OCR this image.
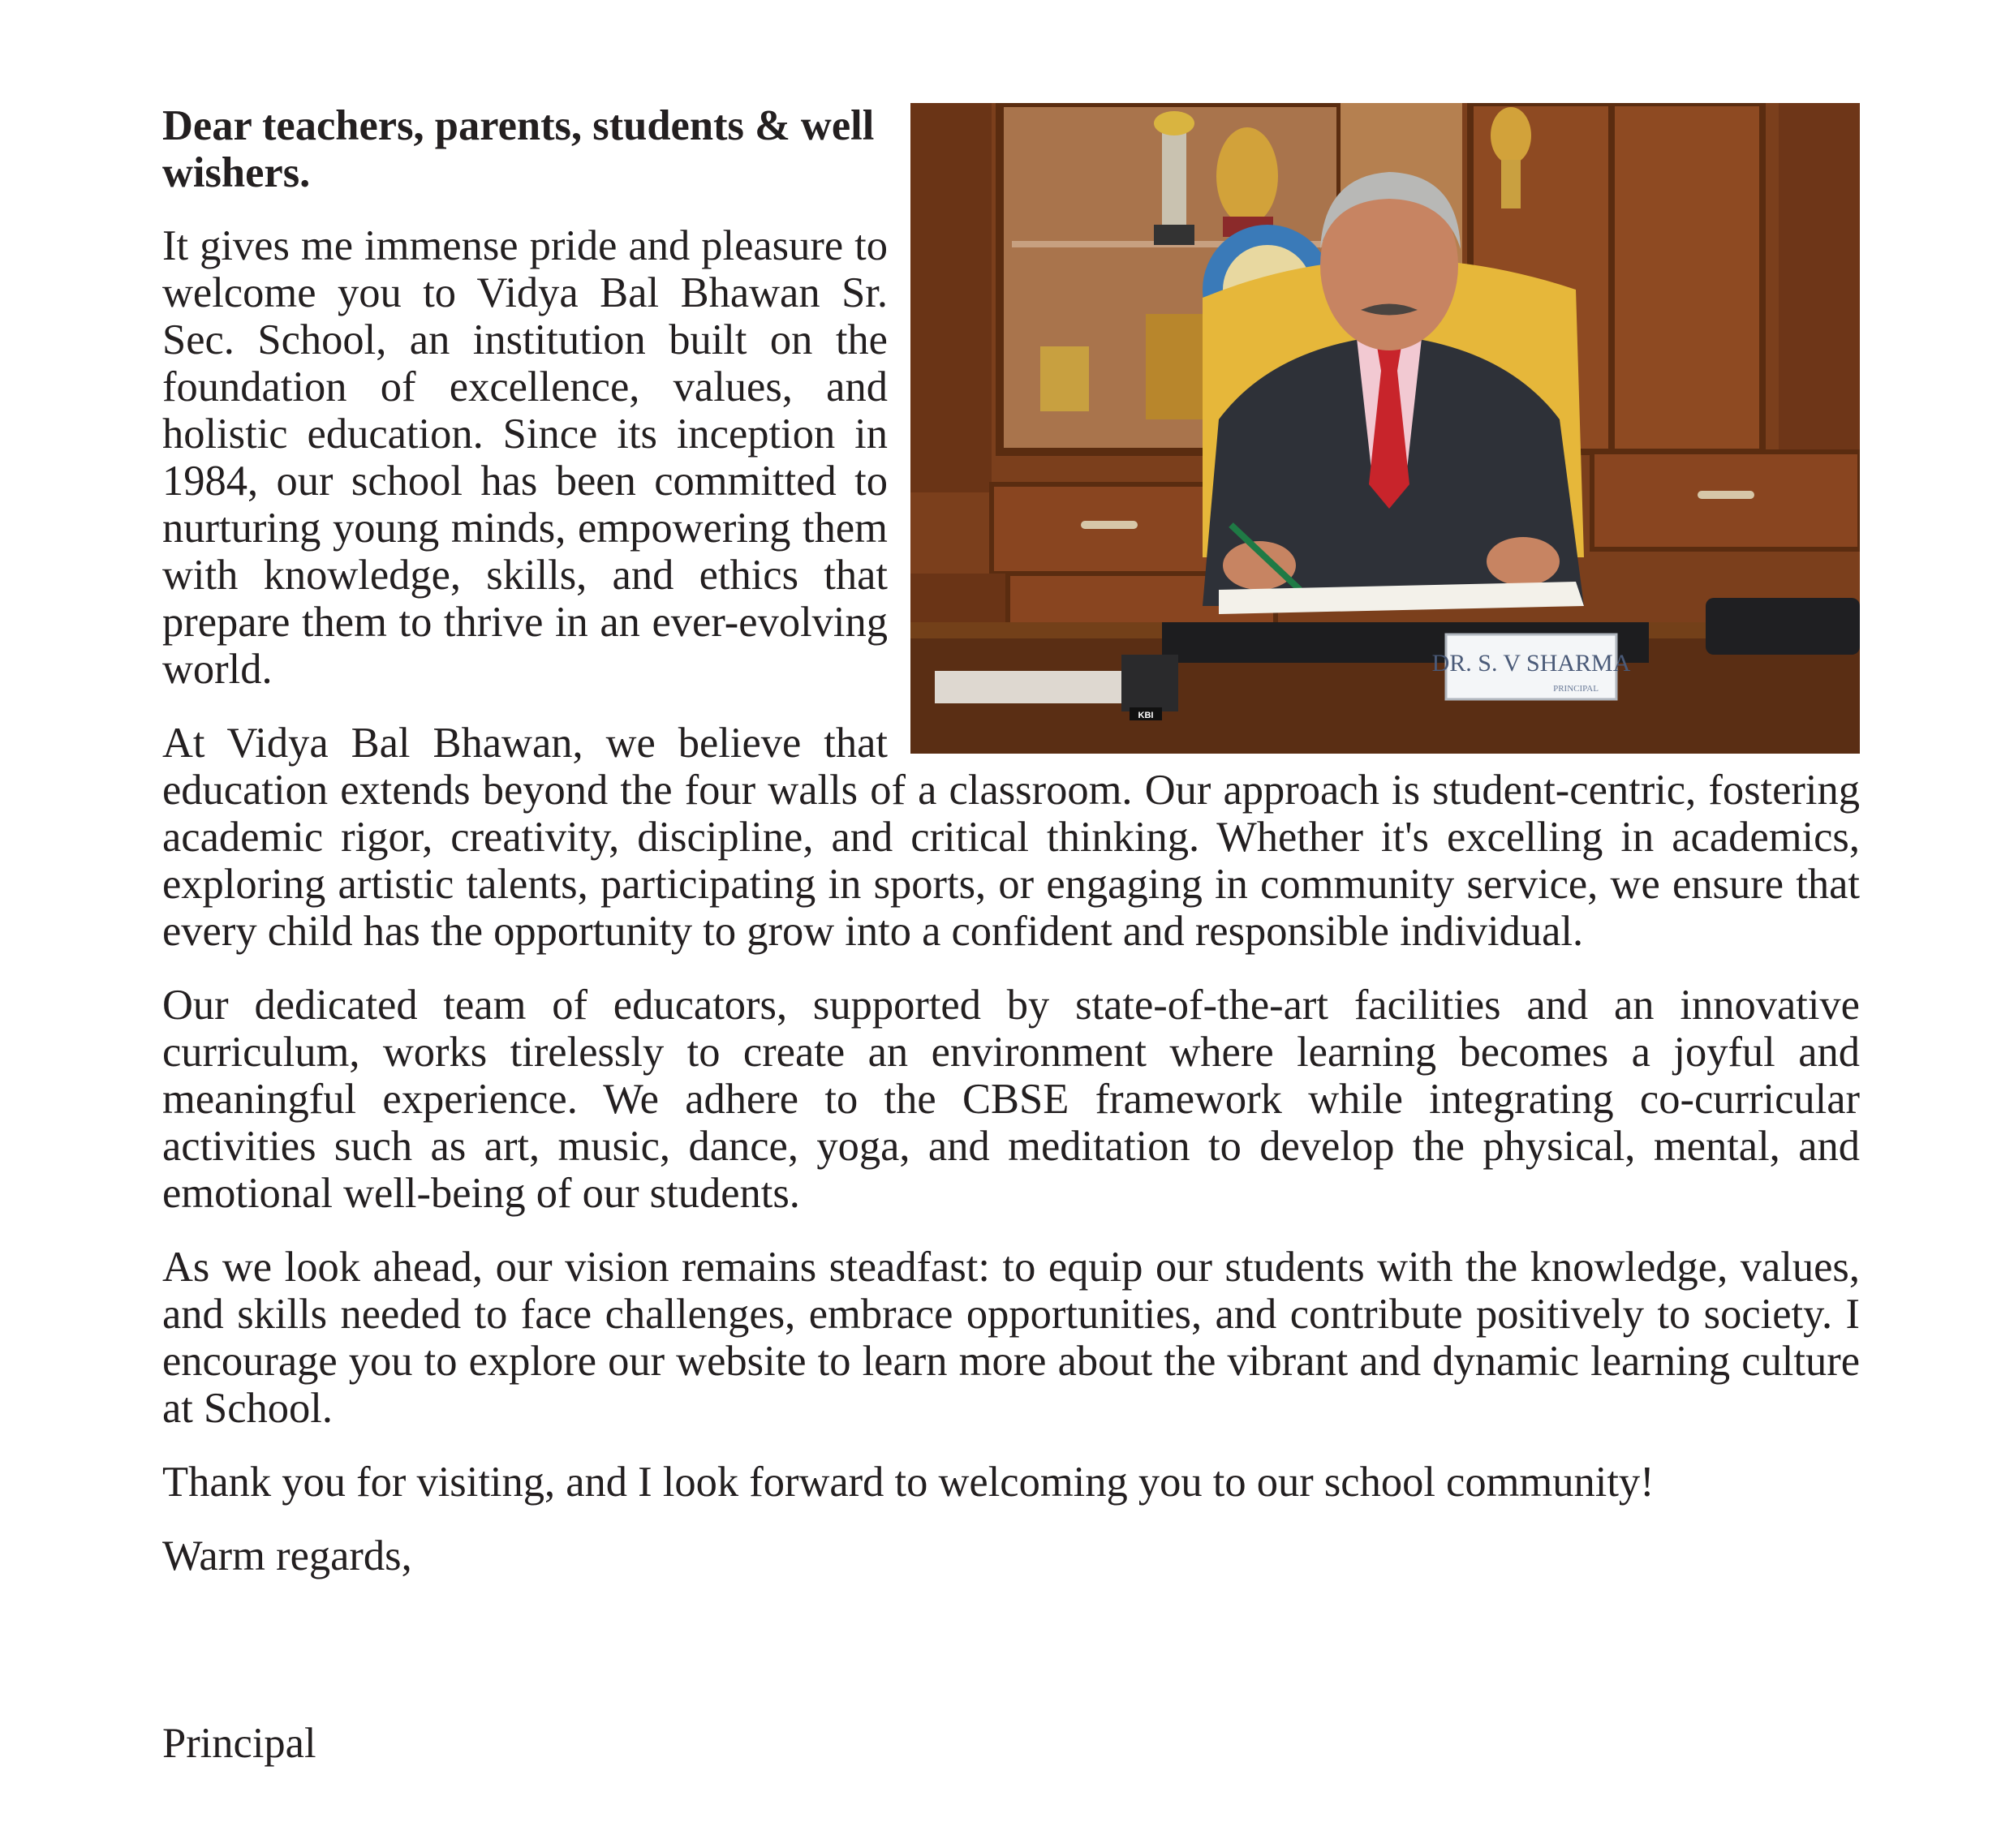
DR. S. V SHARMA
PRINCIPAL
KBI

Dear teachers, parents, students & well wishers.

It gives me immense pride and pleasure to welcome you to Vidya Bal Bhawan Sr. Sec. School, an institution built on the foundation of excellence, values, and holistic education. Since its inception in 1984, our school has been committed to nurturing young minds, empowering them with knowledge, skills, and ethics that prepare them to thrive in an ever-evolving world.

At Vidya Bal Bhawan, we believe that education extends beyond the four walls of a classroom. Our approach is student-centric, fostering academic rigor, creativity, discipline, and critical thinking. Whether it's excelling in academics, exploring artistic talents, participating in sports, or engaging in community service, we ensure that every child has the opportunity to grow into a confident and responsible individual.

Our dedicated team of educators, supported by state-of-the-art facilities and an innovative curriculum, works tirelessly to create an environment where learning becomes a joyful and meaningful experience. We adhere to the CBSE framework while integrating co-curricular activities such as art, music, dance, yoga, and meditation to develop the physical, mental, and emotional well-being of our students.

As we look ahead, our vision remains steadfast: to equip our students with the knowledge, values, and skills needed to face challenges, embrace opportunities, and contribute positively to society. I encourage you to explore our website to learn more about the vibrant and dynamic learning culture at School.

Thank you for visiting, and I look forward to welcoming you to our school community!

Warm regards,

Principal
